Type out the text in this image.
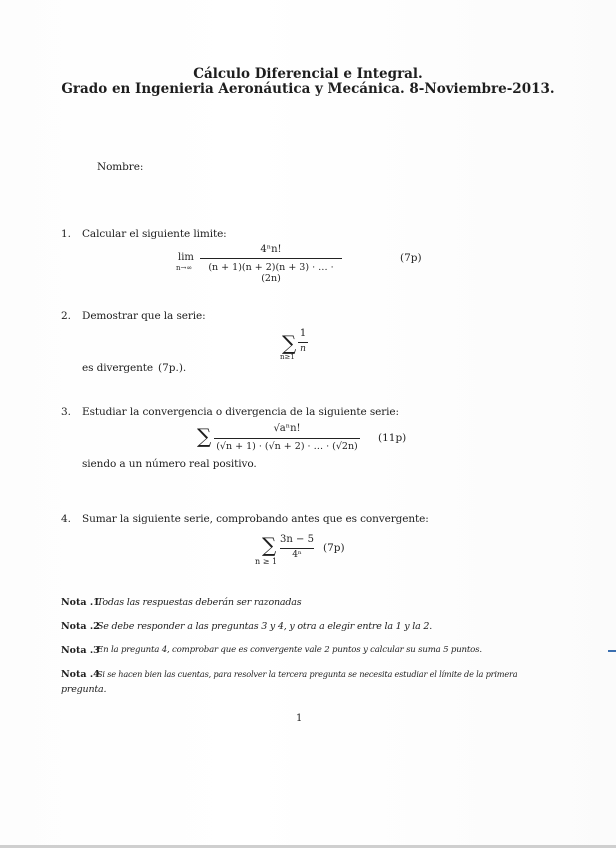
Cálculo Diferencial e Integral.
Grado en Ingenieria Aeronáutica y Mecánica. 8-Noviembre-2013.
Nombre:
1. Calcular el siguiente limite:
lim
n→∞
4ⁿn!
(n + 1)(n + 2)(n + 3) · … · (2n)
(7p)
2. Demostrar que la serie:
∑
n≥1
1
n
es divergente (7p.).
3. Estudiar la convergencia o divergencia de la siguiente serie:
∑	√aⁿn!
(√n + 1) · (√n + 2) · … · (√2n)
(11p)
siendo a un número real positivo.
4. Sumar la siguiente serie, comprobando antes que es convergente:
∑
n ≥ 1
3n − 5
4ⁿ
(7p)
Nota .1
Todas las respuestas deberán ser razonadas
Nota .2
Se debe responder a las preguntas 3 y 4, y otra a elegir entre la 1 y la 2.
Nota .3
En la pregunta 4, comprobar que es convergente vale 2 puntos y calcular su suma 5 puntos.
Nota .4
Si se hacen bien las cuentas, para resolver la tercera pregunta se necesita estudiar el límite de la primera
pregunta.
1
